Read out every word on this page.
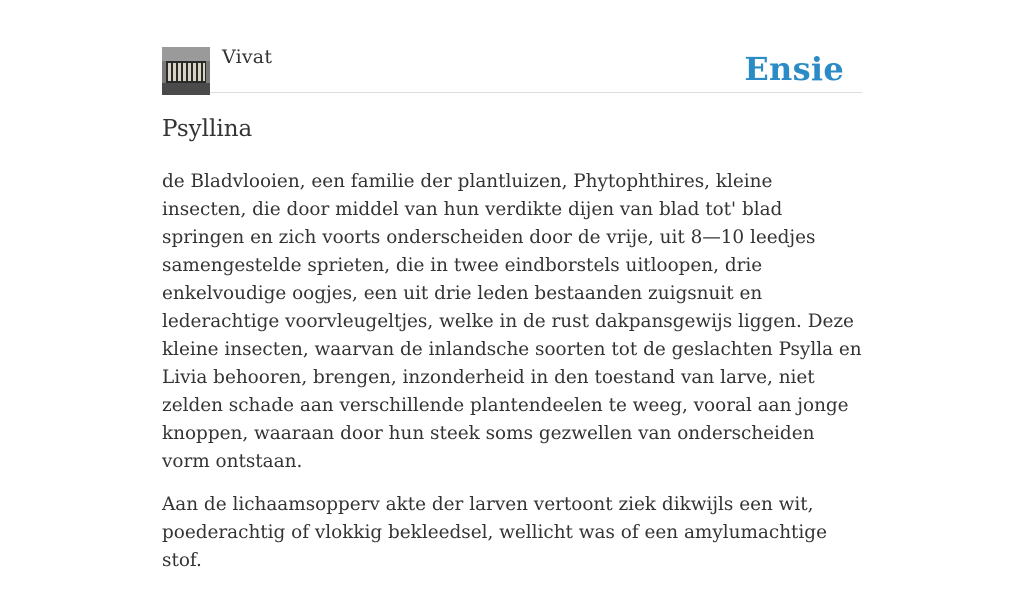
Vivat	Ensie
Psyllina

de Bladvlooien, een familie der plantluizen, Phytophthires, kleine insecten, die door middel van hun verdikte dijen van blad tot' blad springen en zich voorts onderscheiden door de vrije, uit 8—10 leedjes samengestelde sprieten, die in twee eindborstels uitloopen, drie enkelvoudige oogjes, een uit drie leden bestaanden zuigsnuit en lederachtige voorvleugeltjes, welke in de rust dakpansgewijs liggen. Deze kleine insecten, waarvan de inlandsche soorten tot de geslachten Psylla en Livia behooren, brengen, inzonderheid in den toestand van larve, niet zelden schade aan verschillende plantendeelen te weeg, vooral aan jonge knoppen, waaraan door hun steek soms gezwellen van onderscheiden vorm ontstaan.

Aan de lichaamsopperv akte der larven vertoont ziek dikwijls een wit, poederachtig of vlokkig bekleedsel, wellicht was of een amylumachtige stof.
